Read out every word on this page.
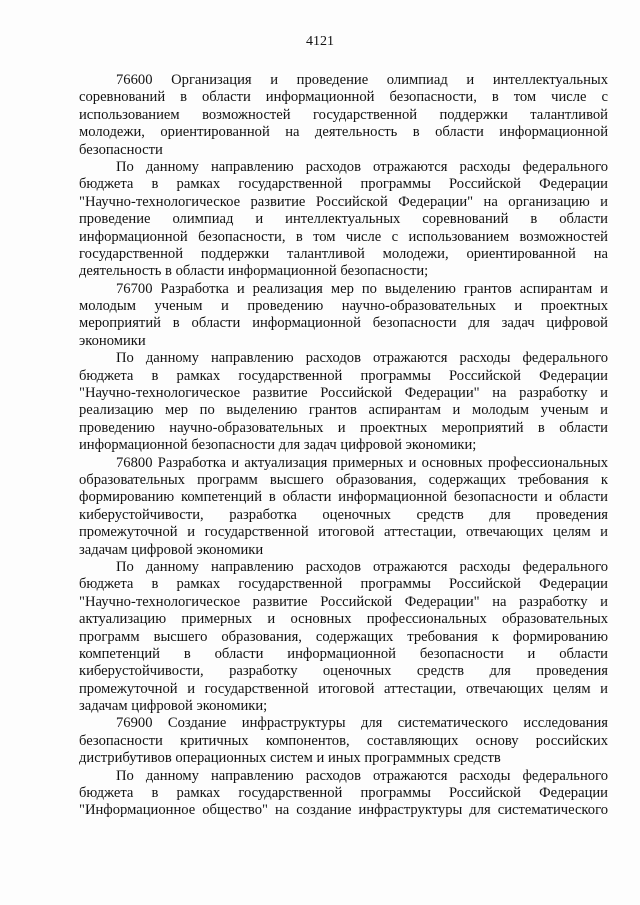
4121
76600 Организация и проведение олимпиад и интеллектуальных
соревнований в области информационной безопасности, в том числе с
использованием возможностей государственной поддержки талантливой
молодежи, ориентированной на деятельность в области информационной
безопасности
По данному направлению расходов отражаются расходы федерального
бюджета в рамках государственной программы Российской Федерации
"Научно-технологическое развитие Российской Федерации" на организацию и
проведение олимпиад и интеллектуальных соревнований в области
информационной безопасности, в том числе с использованием возможностей
государственной поддержки талантливой молодежи, ориентированной на
деятельность в области информационной безопасности;
76700 Разработка и реализация мер по выделению грантов аспирантам и
молодым ученым и проведению научно-образовательных и проектных
мероприятий в области информационной безопасности для задач цифровой
экономики
По данному направлению расходов отражаются расходы федерального
бюджета в рамках государственной программы Российской Федерации
"Научно-технологическое развитие Российской Федерации" на разработку и
реализацию мер по выделению грантов аспирантам и молодым ученым и
проведению научно-образовательных и проектных мероприятий в области
информационной безопасности для задач цифровой экономики;
76800 Разработка и актуализация примерных и основных профессиональных
образовательных программ высшего образования, содержащих требования к
формированию компетенций в области информационной безопасности и области
киберустойчивости, разработка оценочных средств для проведения
промежуточной и государственной итоговой аттестации, отвечающих целям и
задачам цифровой экономики
По данному направлению расходов отражаются расходы федерального
бюджета в рамках государственной программы Российской Федерации
"Научно-технологическое развитие Российской Федерации" на разработку и
актуализацию примерных и основных профессиональных образовательных
программ высшего образования, содержащих требования к формированию
компетенций в области информационной безопасности и области
киберустойчивости, разработку оценочных средств для проведения
промежуточной и государственной итоговой аттестации, отвечающих целям и
задачам цифровой экономики;
76900 Создание инфраструктуры для систематического исследования
безопасности критичных компонентов, составляющих основу российских
дистрибутивов операционных систем и иных программных средств
По данному направлению расходов отражаются расходы федерального
бюджета в рамках государственной программы Российской Федерации
"Информационное общество" на создание инфраструктуры для систематического
